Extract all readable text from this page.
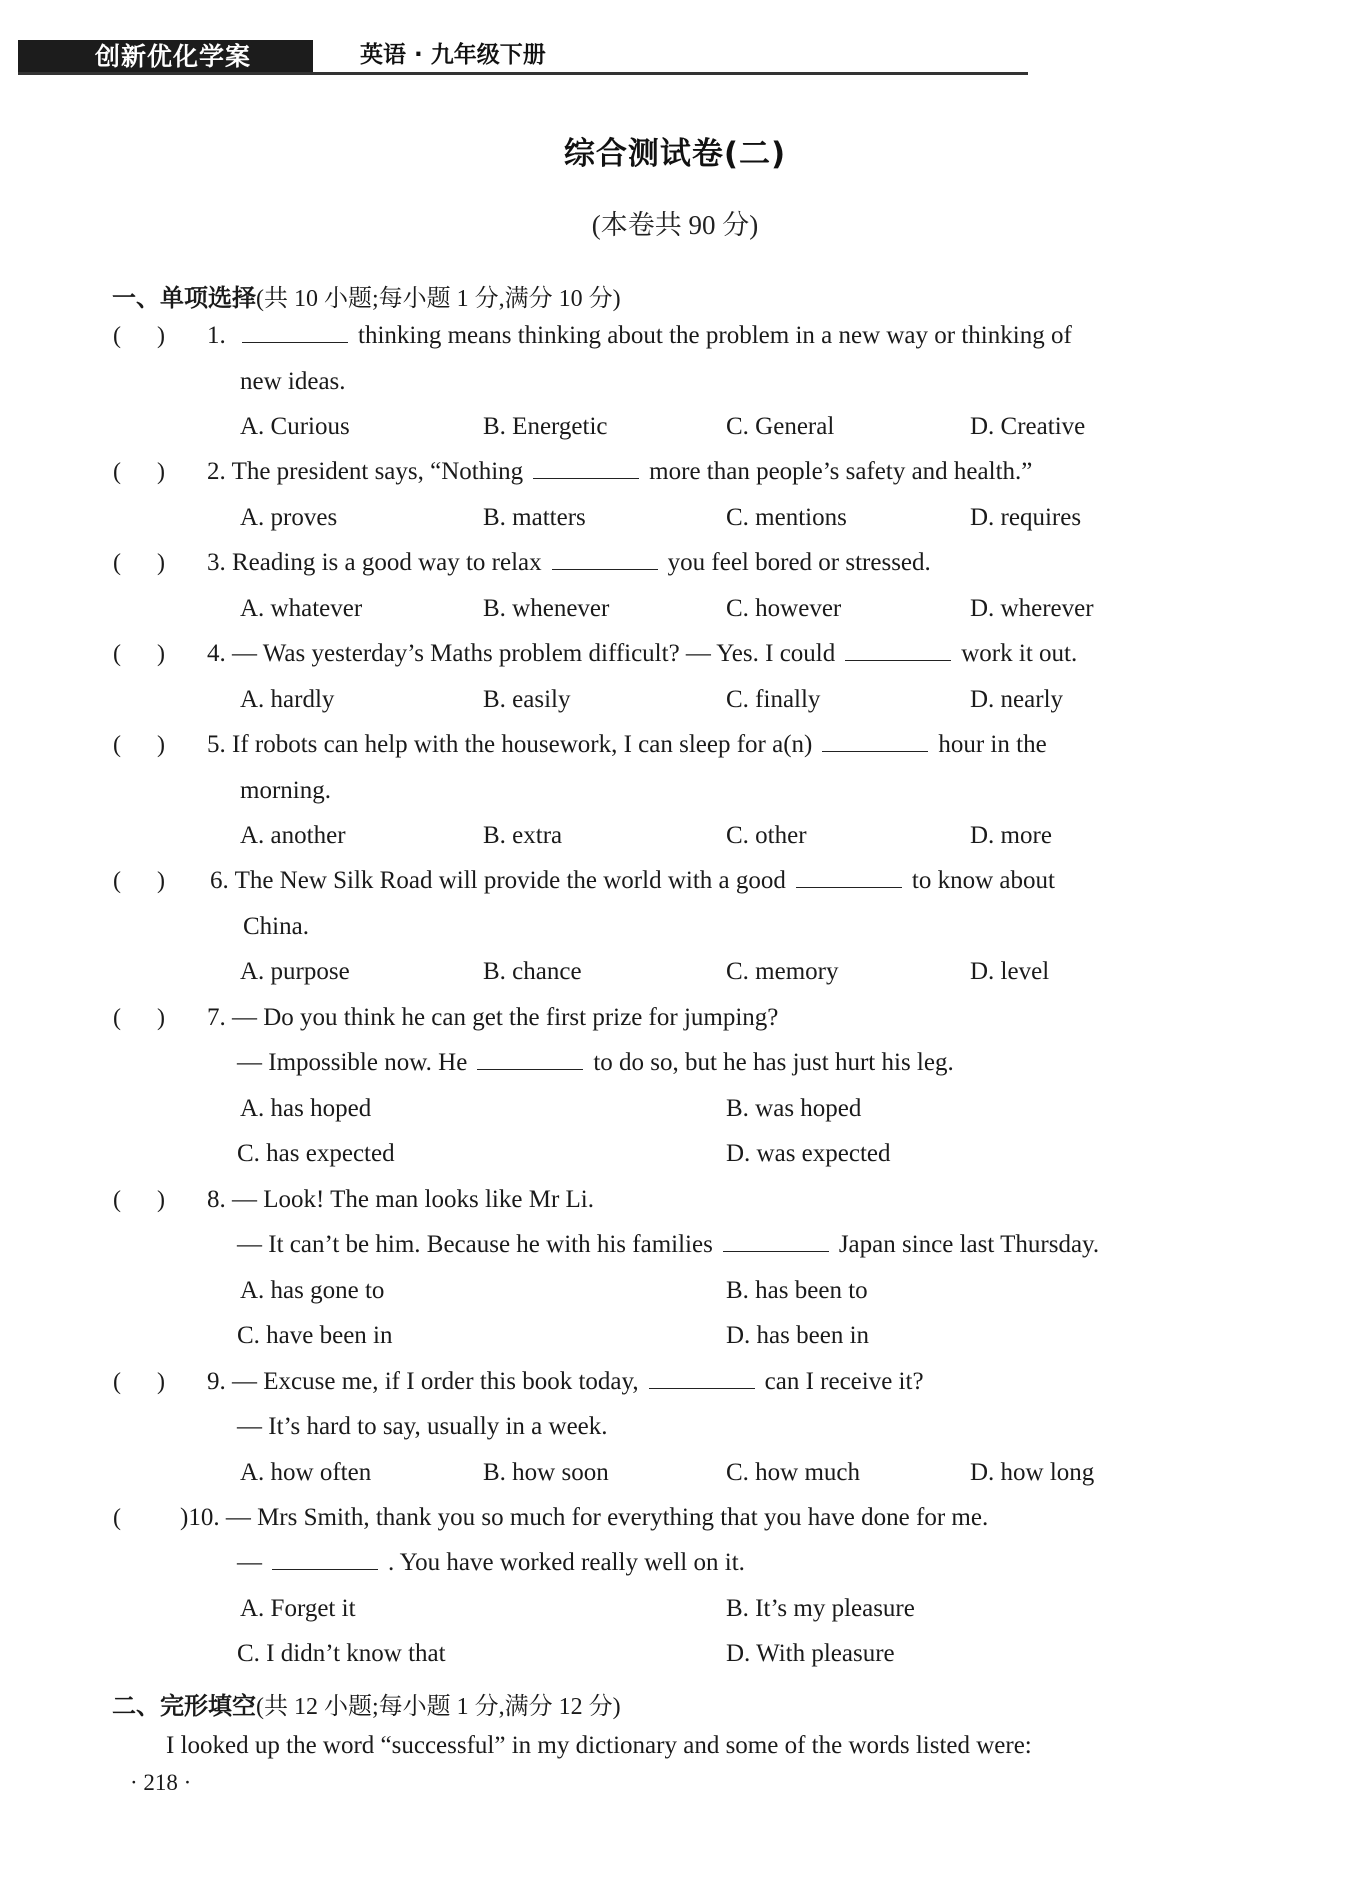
创新优化学案	英语 · 九年级下册
综合测试卷(二)
(本卷共 90 分)
一、单项选择(共 10 小题;每小题 1 分,满分 10 分)
(      ) 1.	thinking means thinking about the problem in a new way or thinking of
new ideas.
A. Curious	B. Energetic	C. General	D. Creative
(      ) 2. The president says, “Nothing	more than people’s safety and health.”
A. proves	B. matters	C. mentions	D. requires
(      ) 3. Reading is a good way to relax	you feel bored or stressed.
A. whatever	B. whenever	C. however	D. wherever
(      ) 4. — Was yesterday’s Maths problem difficult? — Yes. I could	work it out.
A. hardly	B. easily	C. finally	D. nearly
(      ) 5. If robots can help with the housework, I can sleep for a(n)	hour in the
morning.
A. another	B. extra	C. other	D. more
(      ) 6. The New Silk Road will provide the world with a good	to know about
China.
A. purpose	B. chance	C. memory	D. level
(      ) 7. — Do you think he can get the first prize for jumping?
— Impossible now. He	to do so, but he has just hurt his leg.
A. has hoped	B. was hoped
C. has expected	D. was expected
(      ) 8. — Look! The man looks like Mr Li.
— It can’t be him. Because he with his families	Japan since last Thursday.
A. has gone to	B. has been to
C. have been in	D. has been in
(      ) 9. — Excuse me, if I order this book today,	can I receive it?
— It’s hard to say, usually in a week.
A. how often	B. how soon	C. how much	D. how long
( )10. — Mrs Smith, thank you so much for everything that you have done for me.
—	. You have worked really well on it.
A. Forget it	B. It’s my pleasure
C. I didn’t know that	D. With pleasure
二、完形填空(共 12 小题;每小题 1 分,满分 12 分)
I looked up the word “successful” in my dictionary and some of the words listed were:
· 218 ·
